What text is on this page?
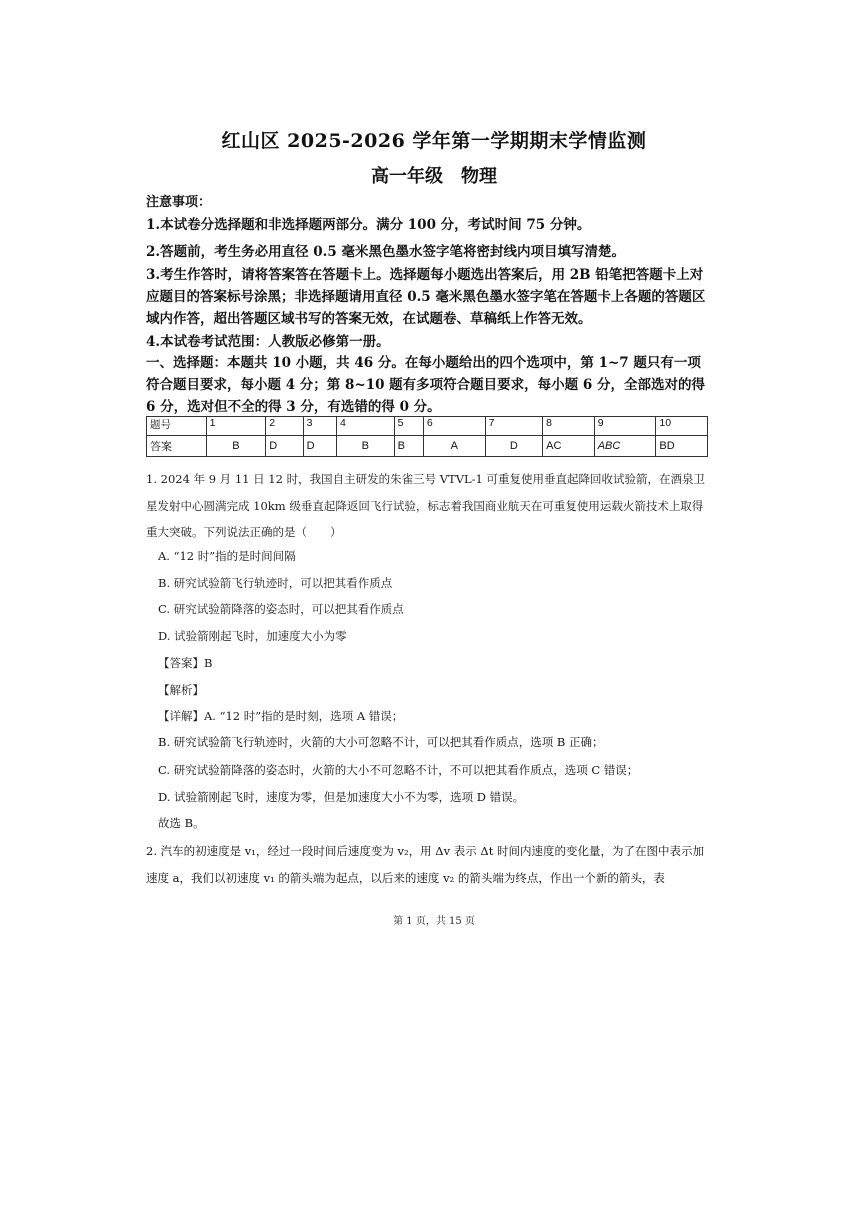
红山区 2025-2026 学年第一学期期末学情监测
高一年级　物理
注意事项：
1.本试卷分选择题和非选择题两部分。满分 100 分，考试时间 75 分钟。
2.答题前，考生务必用直径 0.5 毫米黑色墨水签字笔将密封线内项目填写清楚。
3.考生作答时，请将答案答在答题卡上。选择题每小题选出答案后，用 2B 铅笔把答题卡上对应题目的答案标号涂黑；非选择题请用直径 0.5 毫米黑色墨水签字笔在答题卡上各题的答题区域内作答，超出答题区域书写的答案无效，在试题卷、草稿纸上作答无效。
4.本试卷考试范围：人教版必修第一册。
一、选择题：本题共 10 小题，共 46 分。在每小题给出的四个选项中，第 1~7 题只有一项符合题目要求，每小题 4 分；第 8~10 题有多项符合题目要求，每小题 6 分，全部选对的得 6 分，选对但不全的得 3 分，有选错的得 0 分。
题号	1	2	3	4	5	6	7	8	9	10
答案	B	D	D	B	B	A	D	AC	ABC	BD
1. 2024 年 9 月 11 日 12 时，我国自主研发的朱雀三号 VTVL-1 可重复使用垂直起降回收试验箭，在酒泉卫星发射中心圆满完成 10km 级垂直起降返回飞行试验，标志着我国商业航天在可重复使用运载火箭技术上取得重大突破。下列说法正确的是（　　）
A. “12 时”指的是时间间隔
B. 研究试验箭飞行轨迹时，可以把其看作质点
C. 研究试验箭降落的姿态时，可以把其看作质点
D. 试验箭刚起飞时，加速度大小为零
【答案】B
【解析】
【详解】A. “12 时”指的是时刻，选项 A 错误；
B. 研究试验箭飞行轨迹时，火箭的大小可忽略不计，可以把其看作质点，选项 B 正确；
C. 研究试验箭降落的姿态时，火箭的大小不可忽略不计，不可以把其看作质点，选项 C 错误；
D. 试验箭刚起飞时，速度为零，但是加速度大小不为零，选项 D 错误。
故选 B。
2. 汽车的初速度是 v₁，经过一段时间后速度变为 v₂，用 Δv 表示 Δt 时间内速度的变化量，为了在图中表示加速度 a，我们以初速度 v₁ 的箭头端为起点，以后来的速度 v₂ 的箭头端为终点，作出一个新的箭头，表
第 1 页，共 15 页
